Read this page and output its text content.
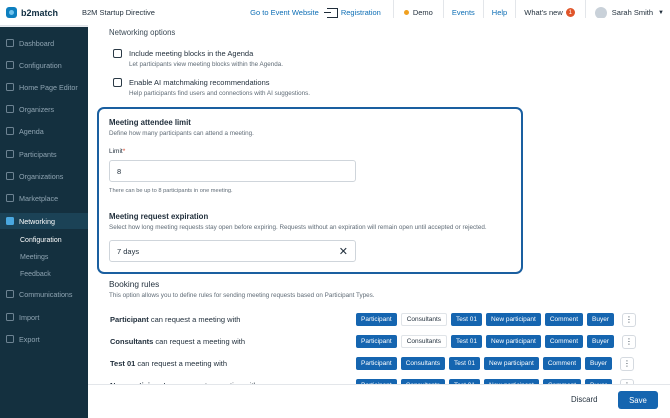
b2match	B2M Startup Directive	Go to Event Website	Registration	Demo	Events	Help	What's new 1	Sarah Smith ▼
Dashboard
Configuration
Home Page Editor
Organizers
Agenda
Participants
Organizations
Marketplace
Networking
Configuration
Meetings
Feedback
Communications
Import
Export
Networking options
Include meeting blocks in the Agenda
Let participants view meeting blocks within the Agenda.
Enable AI matchmaking recommendations
Help participants find users and connections with AI suggestions.
Meeting attendee limit
Define how many participants can attend a meeting.
Limit*
8
There can be up to 8 participants in one meeting.
Meeting request expiration
Select how long meeting requests stay open before expiring. Requests without an expiration will remain open until accepted or rejected.
7 days	✕
Booking rules
This option allows you to define rules for sending meeting requests based on Participant Types.
Participant can request a meeting with	Participant	Consultants	Test 01	New participant	Comment	Buyer	⋮
Consultants can request a meeting with	Participant	Consultants	Test 01	New participant	Comment	Buyer	⋮
Test 01 can request a meeting with	Participant	Consultants	Test 01	New participant	Comment	Buyer	⋮
Discard	Save
